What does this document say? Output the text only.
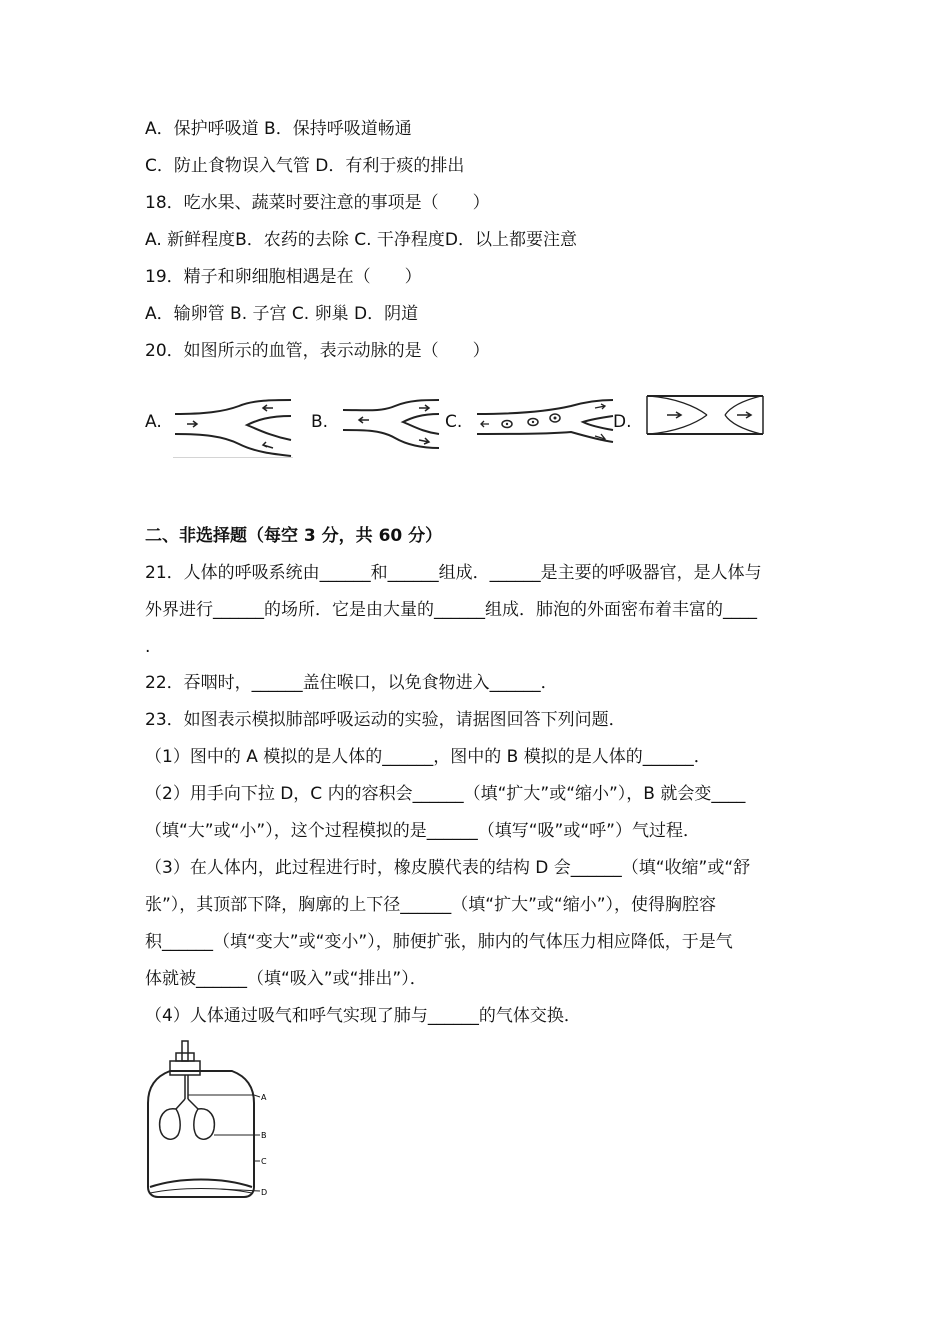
A．保护呼吸道 B．保持呼吸道畅通
C．防止食物误入气管 D．有利于痰的排出
18．吃水果、蔬菜时要注意的事项是（　　）
A. 新鲜程度B．农药的去除 C. 干净程度D．以上都要注意
19．精子和卵细胞相遇是在（　　）
A．输卵管 B. 子宫 C. 卵巢 D．阴道
20．如图所示的血管，表示动脉的是（　　）
A.	B.	C.	D.
二、非选择题（每空 3 分，共 60 分）
21．人体的呼吸系统由______和______组成．______是主要的呼吸器官，是人体与
外界进行______的场所．它是由大量的______组成．肺泡的外面密布着丰富的____
.
22．吞咽时，______盖住喉口，以免食物进入______．
23．如图表示模拟肺部呼吸运动的实验，请据图回答下列问题．
（1）图中的 A 模拟的是人体的______，图中的 B 模拟的是人体的______．
（2）用手向下拉 D，C 内的容积会______（填“扩大”或“缩小”），B 就会变____
（填“大”或“小”），这个过程模拟的是______（填写“吸”或“呼”）气过程．
（3）在人体内，此过程进行时，橡皮膜代表的结构 D 会______（填“收缩”或“舒
张”），其顶部下降，胸廓的上下径______（填“扩大”或“缩小”），使得胸腔容
积______（填“变大”或“变小”），肺便扩张，肺内的气体压力相应降低，于是气
体就被______（填“吸入”或“排出”）．
（4）人体通过吸气和呼气实现了肺与______的气体交换．
A
B
C
D
